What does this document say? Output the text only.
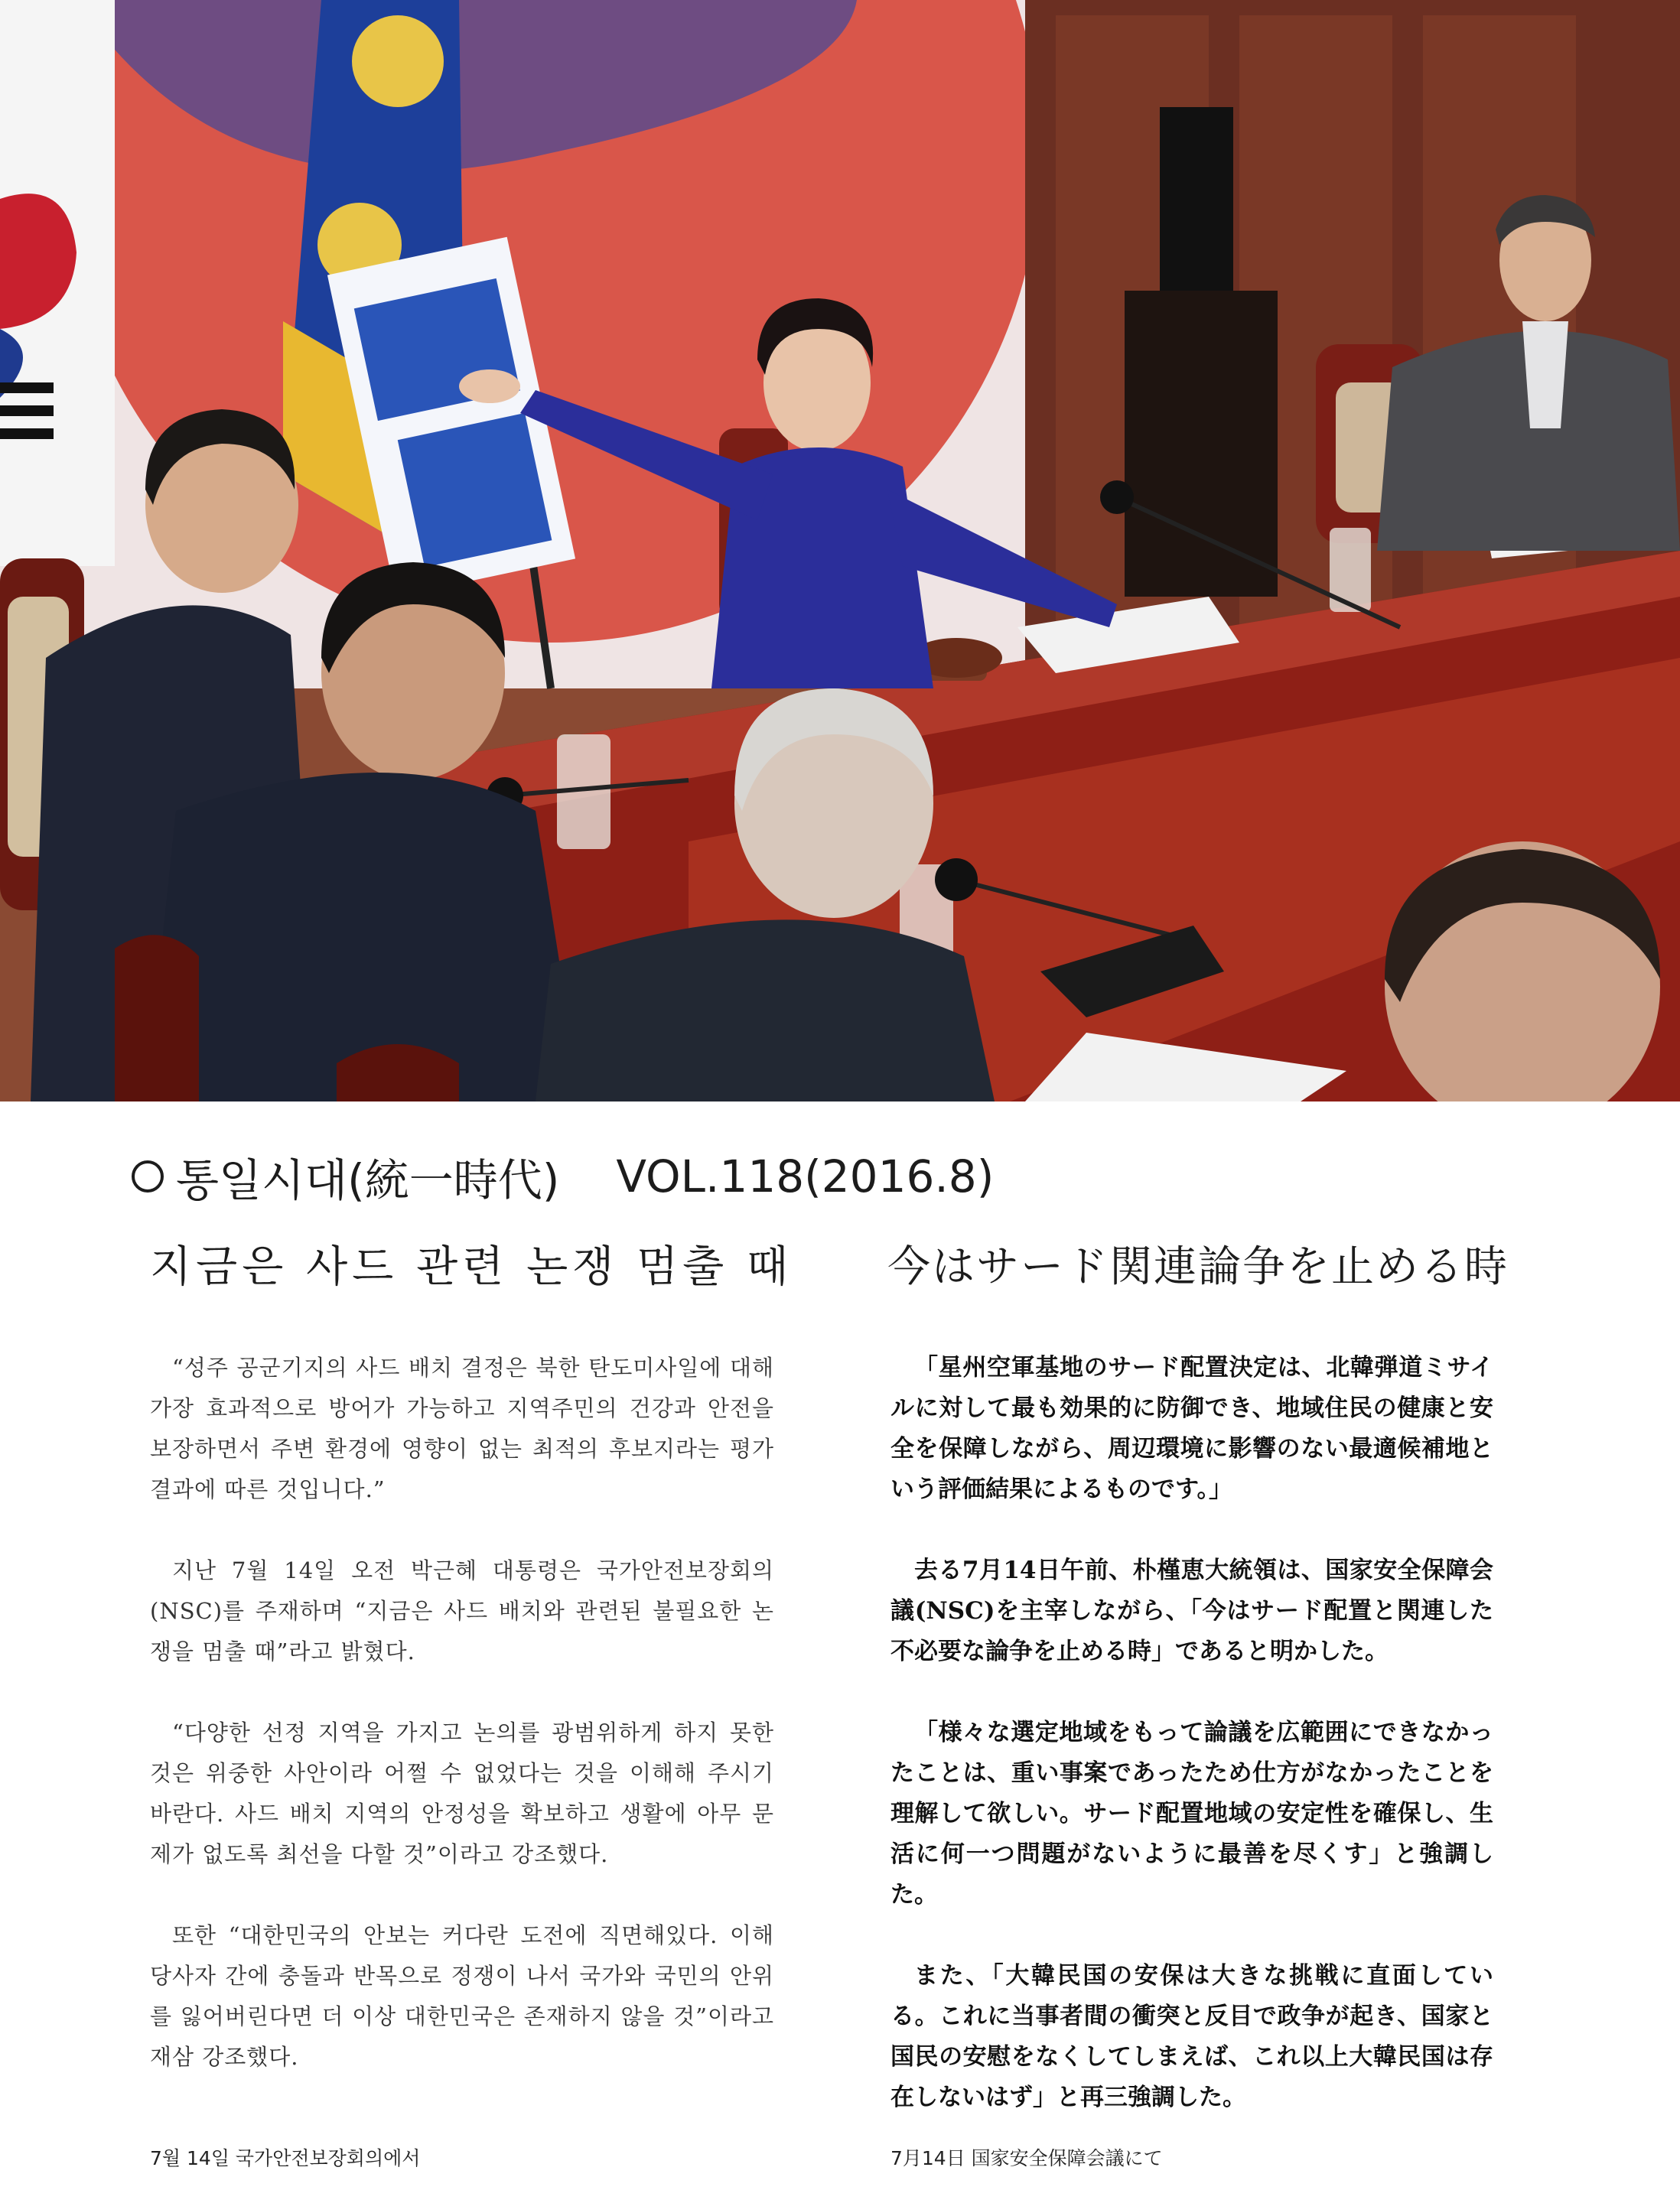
통일시대(統一時代) VOL.118(2016.8)
지금은 사드 관련 논쟁 멈출 때 今はサード関連論争を止める時

“성주 공군기지의 사드 배치 결정은 북한 탄도미사일에 대해 가장 효과적으로 방어가 가능하고 지역주민의 건강과 안전을 보장하면서 주변 환경에 영향이 없는 최적의 후보지라는 평가 결과에 따른 것입니다.”

지난 7월 14일 오전 박근혜 대통령은 국가안전보장회의(NSC)를 주재하며 “지금은 사드 배치와 관련된 불필요한 논쟁을 멈출 때”라고 밝혔다.

“다양한 선정 지역을 가지고 논의를 광범위하게 하지 못한 것은 위중한 사안이라 어쩔 수 없었다는 것을 이해해 주시기 바란다. 사드 배치 지역의 안정성을 확보하고 생활에 아무 문제가 없도록 최선을 다할 것”이라고 강조했다.

또한 “대한민국의 안보는 커다란 도전에 직면해있다. 이해 당사자 간에 충돌과 반목으로 정쟁이 나서 국가와 국민의 안위를 잃어버린다면 더 이상 대한민국은 존재하지 않을 것”이라고 재삼 강조했다.

「星州空軍基地のサード配置決定は、北韓弾道ミサイルに対して最も効果的に防御でき、地域住民の健康と安全を保障しながら、周辺環境に影響のない最適候補地という評価結果によるものです。」

去る7月14日午前、朴槿恵大統領は、国家安全保障会議(NSC)を主宰しながら、「今はサード配置と関連した不必要な論争を止める時」であると明かした。

「様々な選定地域をもって論議を広範囲にできなかったことは、重い事案であったため仕方がなかったことを理解して欲しい。サード配置地域の安定性を確保し、生活に何一つ問題がないように最善を尽くす」と強調した。

また、「大韓民国の安保は大きな挑戦に直面している。これに当事者間の衝突と反目で政争が起き、国家と国民の安慰をなくしてしまえば、これ以上大韓民国は存在しないはず」と再三強調した。

7월 14일 국가안전보장회의에서	7月14日 国家安全保障会議にて
